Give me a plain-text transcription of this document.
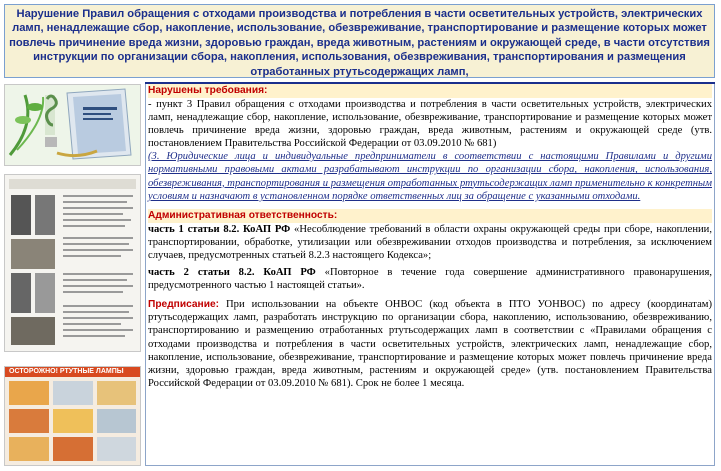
Нарушение Правил обращения с отходами производства и потребления в части осветительных устройств, электрических ламп, ненадлежащие сбор, накопление, использование, обезвреживание, транспортирование и размещение которых может повлечь причинение вреда жизни, здоровью граждан, вреда животным, растениям и окружающей среде, в части отсутствия инструкции по организации сбора, накопления, использования, обезвреживания, транспортирования и размещения отработанных ртутьсодержащих ламп,
ОСТОРОЖНО! РТУТНЫЕ ЛАМПЫ
Нарушены требования:

- пункт 3 Правил обращения с отходами производства и потребления в части осветительных устройств, электрических ламп, ненадлежащие сбор, накопление, использование, обезвреживание, транспортирование и размещение которых может повлечь причинение вреда жизни, здоровью граждан, вреда животным, растениям и окружающей среде (утв. постановлением Правительства Российской Федерации от 03.09.2010 № 681)

(3. Юридические лица и индивидуальные предприниматели в соответствии с настоящими Правилами и другими нормативными правовыми актами разрабатывают инструкции по организации сбора, накопления, использования, обезвреживания, транспортирования и размещения отработанных ртутьсодержащих ламп применительно к конкретным условиям и назначают в установленном порядке ответственных лиц за обращение с указанными отходами.

Административная ответственность:

часть 1 статьи 8.2. КоАП РФ «Несоблюдение требований в области охраны окружающей среды при сборе, накоплении, транспортировании, обработке, утилизации или обезвреживании отходов производства и потребления, за исключением случаев, предусмотренных статьей 8.2.3 настоящего Кодекса»;

часть 2 статьи 8.2. КоАП РФ «Повторное в течение года совершение административного правонарушения, предусмотренного частью 1 настоящей статьи».

Предписание: При использовании на объекте ОНВОС (код объекта в ПТО УОНВОС) по адресу (координатам) ртутьсодержащих ламп, разработать инструкцию по организации сбора, накоплению, использованию, обезвреживанию, транспортированию и размещению отработанных ртутьсодержащих ламп в соответствии с «Правилами обращения с отходами производства и потребления в части осветительных устройств, электрических ламп, ненадлежащие сбор, накопление, использование, обезвреживание, транспортирование и размещение которых может повлечь причинение вреда жизни, здоровью граждан, вреда животным, растениям и окружающей среде» (утв. постановлением Правительства Российской Федерации от 03.09.2010 № 681). Срок не более 1 месяца.
